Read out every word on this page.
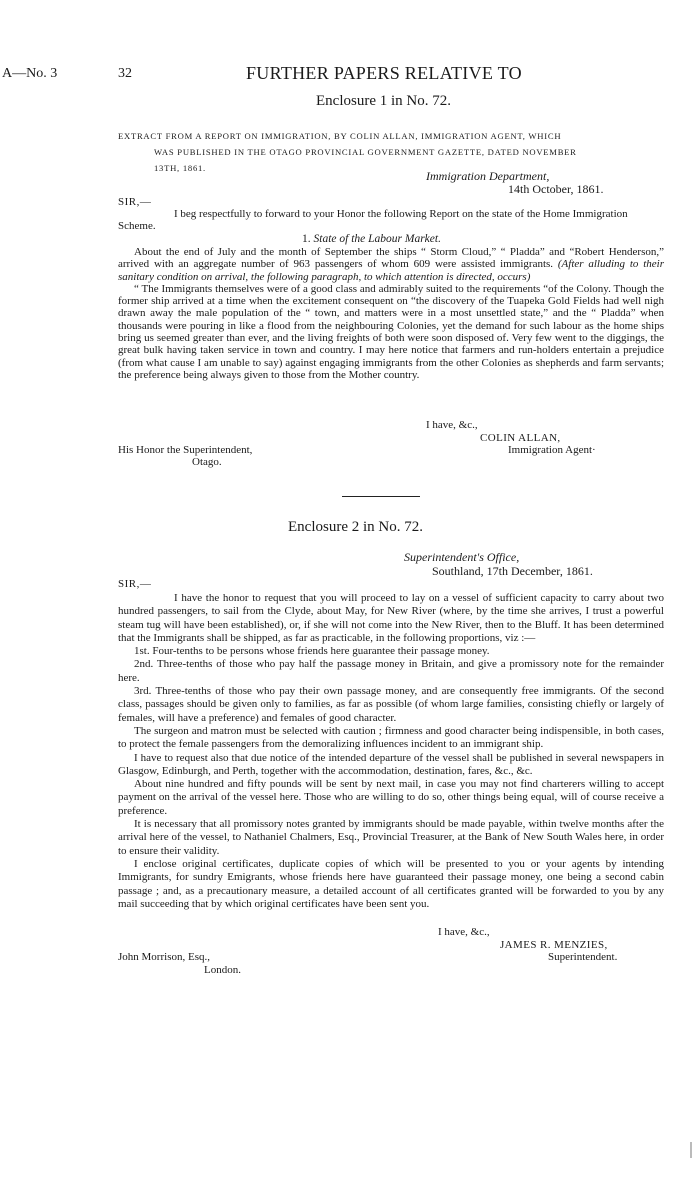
A—No. 3	32	FURTHER PAPERS RELATIVE TO
Enclosure 1 in No. 72.
EXTRACT FROM A REPORT ON IMMIGRATION, BY COLIN ALLAN, IMMIGRATION AGENT, WHICH
WAS PUBLISHED IN THE OTAGO PROVINCIAL GOVERNMENT GAZETTE, DATED NOVEMBER
13TH, 1861.
Immigration Department,
14th October, 1861.
SIR,—

I beg respectfully to forward to your Honor the following Report on the state of the Home Immigration Scheme.

1. State of the Labour Market.

About the end of July and the month of September the ships “ Storm Cloud,” “ Pladda” and “Robert Henderson,” arrived with an aggregate number of 963 passengers of whom 609 were assisted immigrants. (After alluding to their sanitary condition on arrival, the following paragraph, to which attention is directed, occurs)

“ The Immigrants themselves were of a good class and admirably suited to the requirements “of the Colony. Though the former ship arrived at a time when the excitement consequent on “the discovery of the Tuapeka Gold Fields had well nigh drawn away the male population of the “ town, and matters were in a most unsettled state,” and the “ Pladda” when thousands were pouring in like a flood from the neighbouring Colonies, yet the demand for such labour as the home ships bring us seemed greater than ever, and the living freights of both were soon disposed of. Very few went to the diggings, the great bulk having taken service in town and country. I may here notice that farmers and run-holders entertain a prejudice (from what cause I am unable to say) against engaging immigrants from the other Colonies as shepherds and farm servants; the preference being always given to those from the Mother country.

I have, &c.,
COLIN ALLAN,
His Honor the Superintendent,	Immigration Agent·
Otago.
Enclosure 2 in No. 72.
Superintendent's Office,
Southland, 17th December, 1861.
SIR,—

I have the honor to request that you will proceed to lay on a vessel of sufficient capacity to carry about two hundred passengers, to sail from the Clyde, about May, for New River (where, by the time she arrives, I trust a powerful steam tug will have been established), or, if she will not come into the New River, then to the Bluff. It has been determined that the Immigrants shall be shipped, as far as practicable, in the following proportions, viz :—

1st. Four-tenths to be persons whose friends here guarantee their passage money.

2nd. Three-tenths of those who pay half the passage money in Britain, and give a promissory note for the remainder here.

3rd. Three-tenths of those who pay their own passage money, and are consequently free immigrants. Of the second class, passages should be given only to families, as far as possible (of whom large families, consisting chiefly or largely of females, will have a preference) and females of good character.

The surgeon and matron must be selected with caution ; firmness and good character being indispensible, in both cases, to protect the female passengers from the demoralizing influences incident to an immigrant ship.

I have to request also that due notice of the intended departure of the vessel shall be published in several newspapers in Glasgow, Edinburgh, and Perth, together with the accommodation, destination, fares, &c., &c.

About nine hundred and fifty pounds will be sent by next mail, in case you may not find charterers willing to accept payment on the arrival of the vessel here. Those who are willing to do so, other things being equal, will of course receive a preference.

It is necessary that all promissory notes granted by immigrants should be made payable, within twelve months after the arrival here of the vessel, to Nathaniel Chalmers, Esq., Provincial Treasurer, at the Bank of New South Wales here, in order to ensure their validity.

I enclose original certificates, duplicate copies of which will be presented to you or your agents by intending Immigrants, for sundry Emigrants, whose friends here have guaranteed their passage money, one being a second cabin passage ; and, as a precautionary measure, a detailed account of all certificates granted will be forwarded to you by any mail succeeding that by which original certificates have been sent you.

I have, &c.,
JAMES R. MENZIES,
John Morrison, Esq.,	Superintendent.
London.
